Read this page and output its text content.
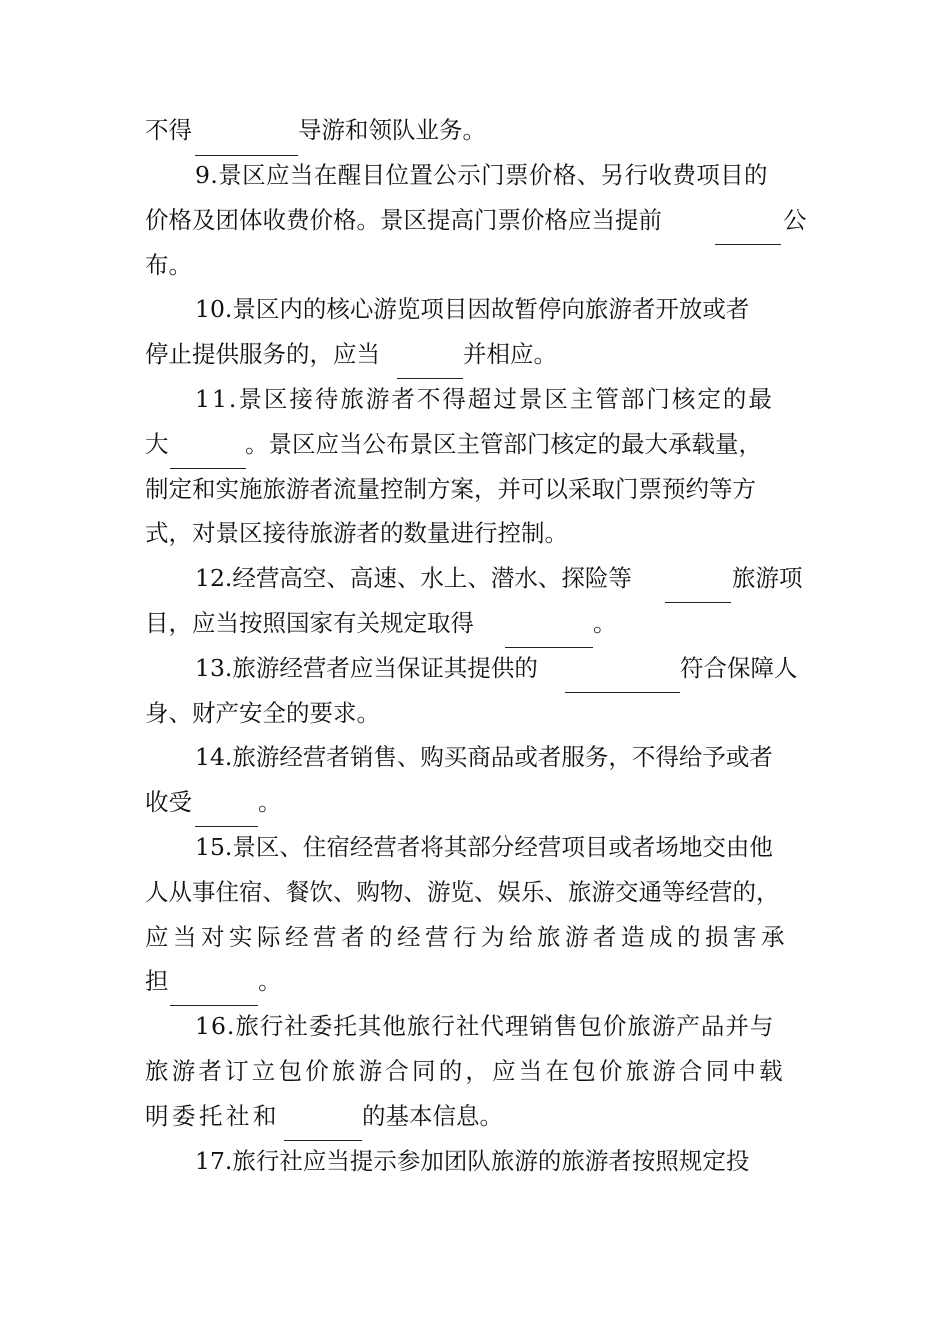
不得	导游和领队业务。
9.景区应当在醒目位置公示门票价格、另行收费项目的
价格及团体收费价格。景区提高门票价格应当提前	公
布。
10.景区内的核心游览项目因故暂停向旅游者开放或者
停止提供服务的，应当	并相应。
11.景区接待旅游者不得超过景区主管部门核定的最
大	。景区应当公布景区主管部门核定的最大承载量，
制定和实施旅游者流量控制方案，并可以采取门票预约等方
式，对景区接待旅游者的数量进行控制。
12.经营高空、高速、水上、潜水、探险等	旅游项
目，应当按照国家有关规定取得	。
13.旅游经营者应当保证其提供的	符合保障人
身、财产安全的要求。
14.旅游经营者销售、购买商品或者服务，不得给予或者
收受	。
15.景区、住宿经营者将其部分经营项目或者场地交由他
人从事住宿、餐饮、购物、游览、娱乐、旅游交通等经营的，
应当对实际经营者的经营行为给旅游者造成的损害承
担	。
16.旅行社委托其他旅行社代理销售包价旅游产品并与
旅游者订立包价旅游合同的，应当在包价旅游合同中载
明委托社和	的基本信息。
17.旅行社应当提示参加团队旅游的旅游者按照规定投
